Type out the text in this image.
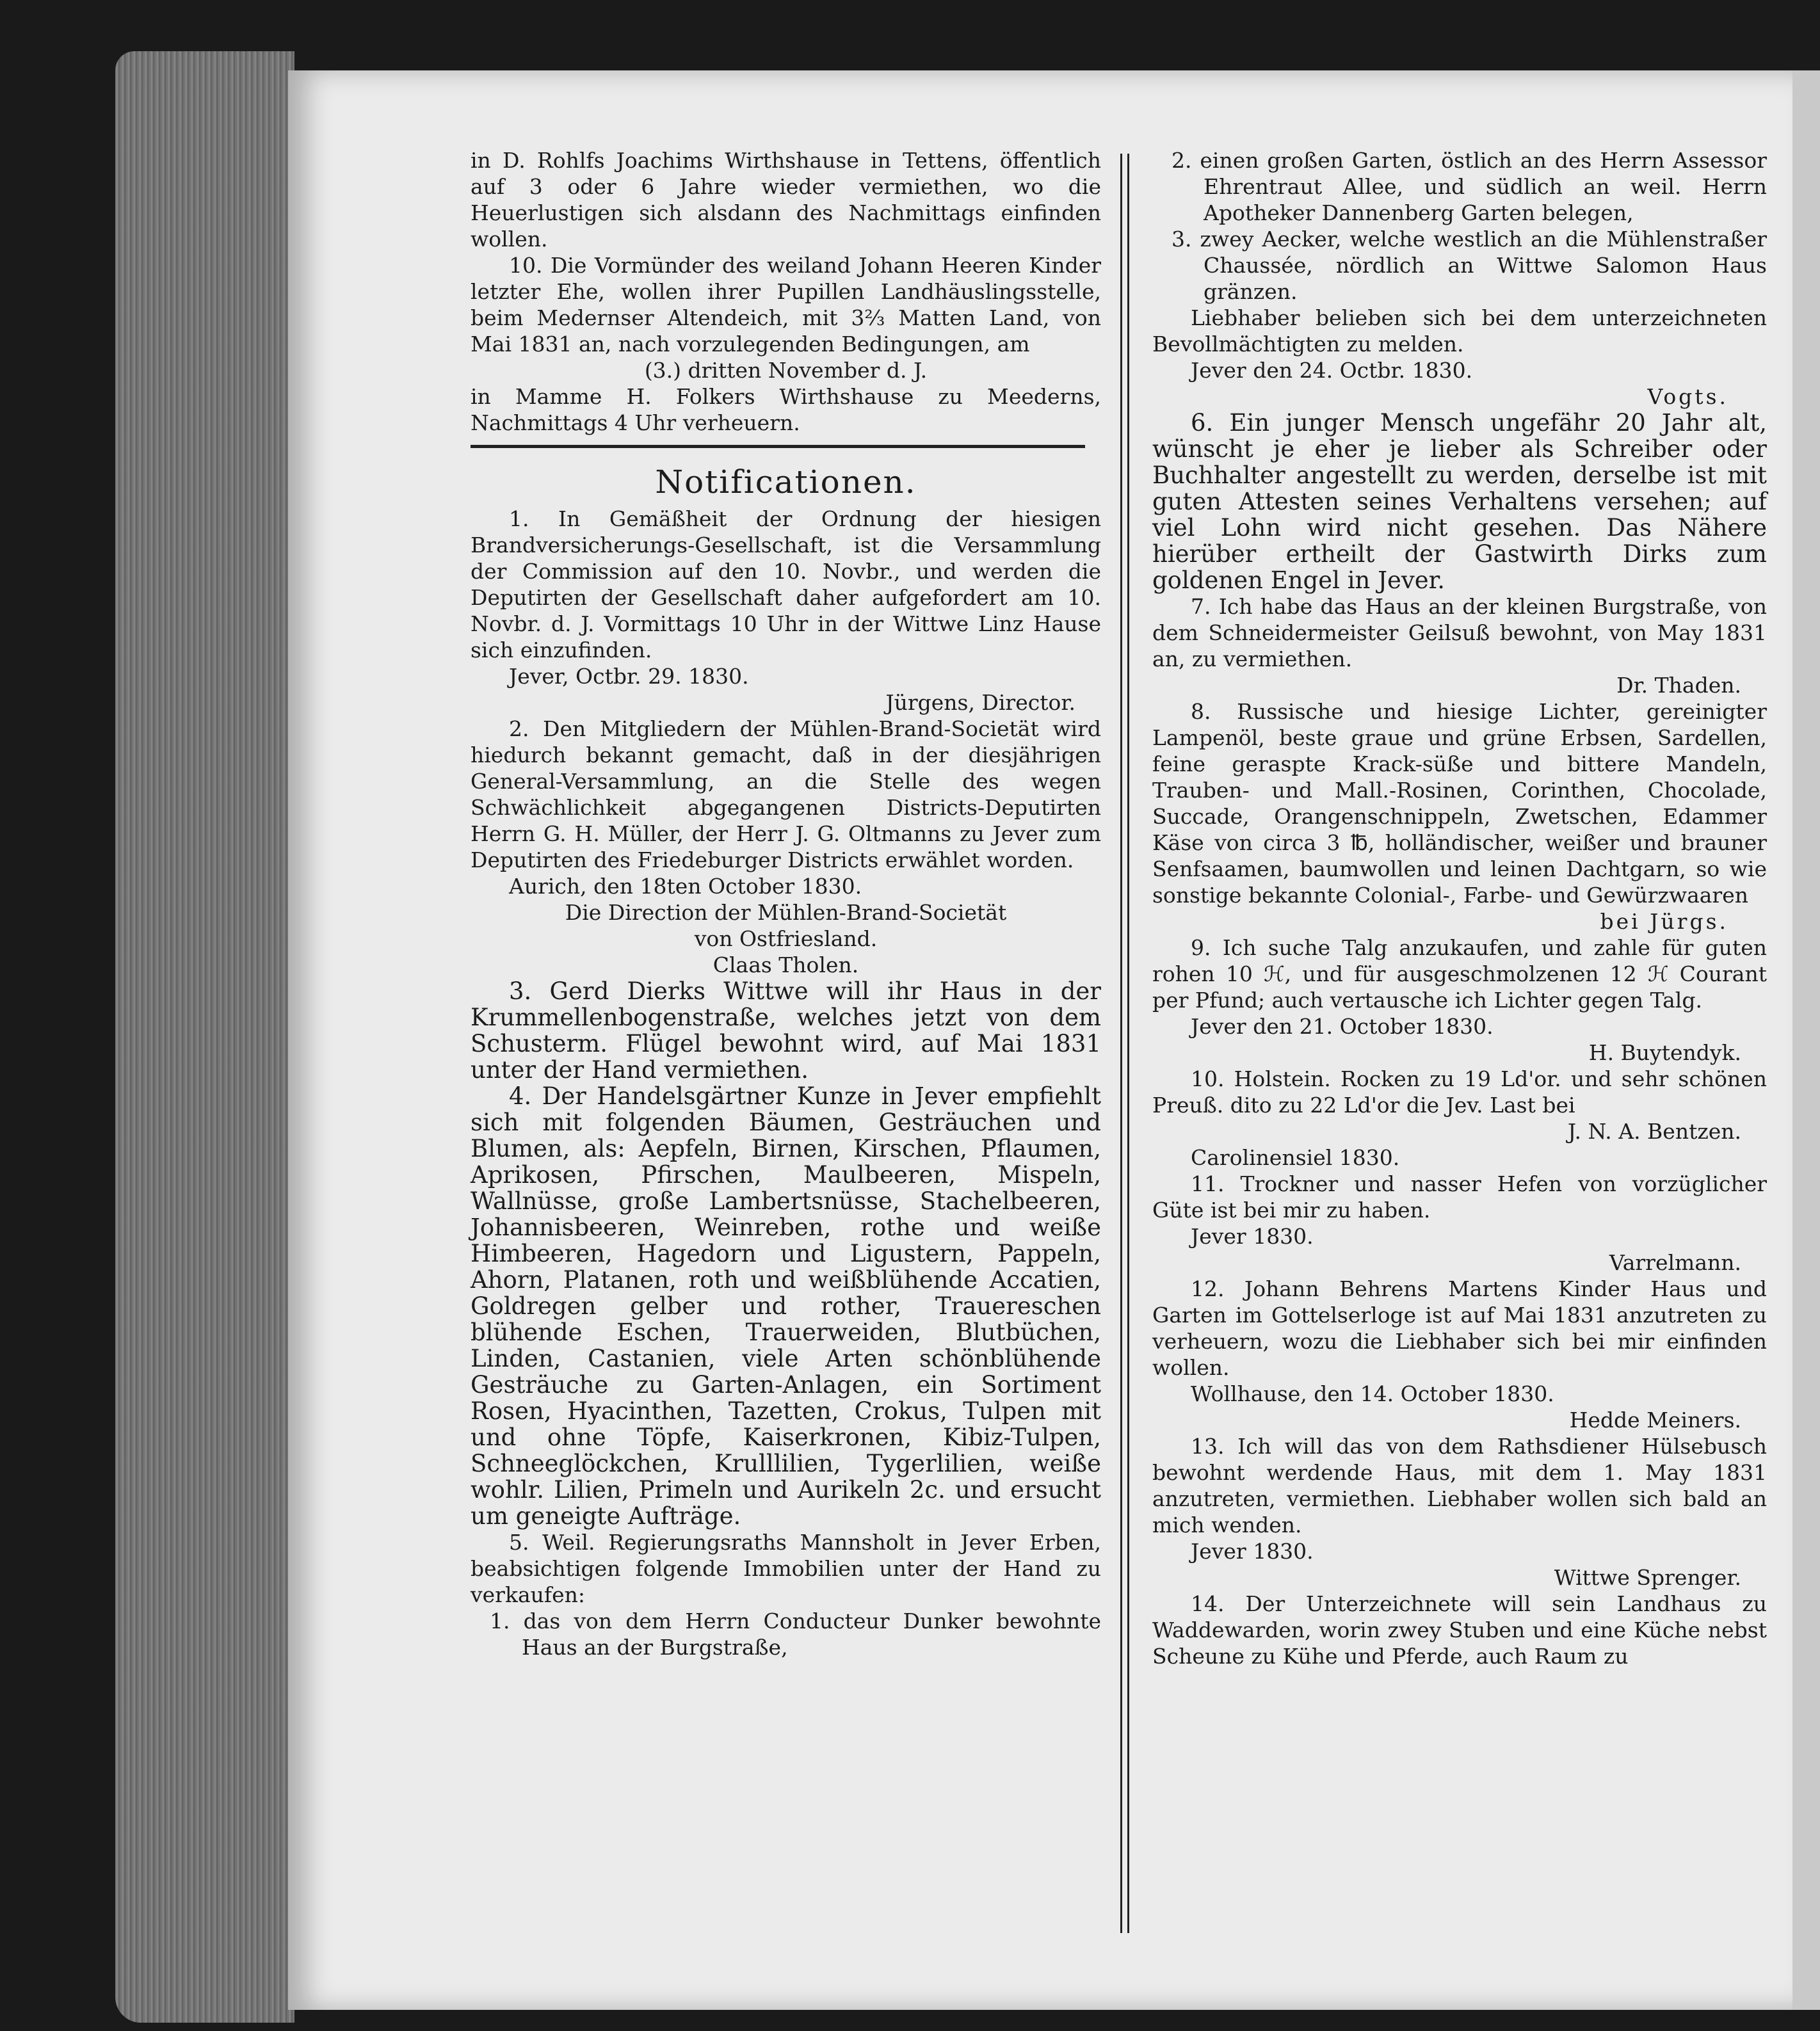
in D. Rohlfs Joachims Wirthshause in Tettens, öffentlich auf 3 oder 6 Jahre wieder vermiethen, wo die Heuerlustigen sich alsdann des Nachmittags einfinden wollen.

10. Die Vormünder des weiland Johann Heeren Kinder letzter Ehe, wollen ihrer Pupillen Landhäuslingsstelle, beim Medernser Altendeich, mit 3⅔ Matten Land, von Mai 1831 an, nach vorzulegenden Bedingungen, am

(3.) dritten November d. J.

in Mamme H. Folkers Wirthshause zu Meederns, Nachmittags 4 Uhr verheuern.

Notificationen.

1. In Gemäßheit der Ordnung der hiesigen Brandversicherungs-Gesellschaft, ist die Versammlung der Commission auf den 10. Novbr., und werden die Deputirten der Gesellschaft daher aufgefordert am 10. Novbr. d. J. Vormittags 10 Uhr in der Wittwe Linz Hause sich einzufinden.

Jever, Octbr. 29. 1830.

Jürgens, Director.

2. Den Mitgliedern der Mühlen-Brand-Societät wird hiedurch bekannt gemacht, daß in der diesjährigen General-Versammlung, an die Stelle des wegen Schwächlichkeit abgegangenen Districts-Deputirten Herrn G. H. Müller, der Herr J. G. Oltmanns zu Jever zum Deputirten des Friedeburger Districts erwählet worden.

Aurich, den 18ten October 1830.

Die Direction der Mühlen-Brand-Societät

von Ostfriesland.

Claas Tholen.

3. Gerd Dierks Wittwe will ihr Haus in der Krummellenbogenstraße, welches jetzt von dem Schusterm. Flügel bewohnt wird, auf Mai 1831 unter der Hand vermiethen.

4. Der Handelsgärtner Kunze in Jever empfiehlt sich mit folgenden Bäumen, Gesträuchen und Blumen, als: Aepfeln, Birnen, Kirschen, Pflaumen, Aprikosen, Pfirschen, Maulbeeren, Mispeln, Wallnüsse, große Lambertsnüsse, Stachelbeeren, Johannisbeeren, Weinreben, rothe und weiße Himbeeren, Hagedorn und Ligustern, Pappeln, Ahorn, Platanen, roth und weißblühende Accatien, Goldregen gelber und rother, Trauereschen blühende Eschen, Trauerweiden, Blutbüchen, Linden, Castanien, viele Arten schönblühende Gesträuche zu Garten-Anlagen, ein Sortiment Rosen, Hyacinthen, Tazetten, Crokus, Tulpen mit und ohne Töpfe, Kaiserkronen, Kibiz-Tulpen, Schneeglöckchen, Krulllilien, Tygerlilien, weiße wohlr. Lilien, Primeln und Aurikeln 2c. und ersucht um geneigte Aufträge.

5. Weil. Regierungsraths Mannsholt in Jever Erben, beabsichtigen folgende Immobilien unter der Hand zu verkaufen:

1. das von dem Herrn Conducteur Dunker bewohnte Haus an der Burgstraße,

2. einen großen Garten, östlich an des Herrn Assessor Ehrentraut Allee, und südlich an weil. Herrn Apotheker Dannenberg Garten belegen,

3. zwey Aecker, welche westlich an die Mühlenstraßer Chaussée, nördlich an Wittwe Salomon Haus gränzen.

Liebhaber belieben sich bei dem unterzeichneten Bevollmächtigten zu melden.

Jever den 24. Octbr. 1830.

Vogts.

6. Ein junger Mensch ungefähr 20 Jahr alt, wünscht je eher je lieber als Schreiber oder Buchhalter angestellt zu werden, derselbe ist mit guten Attesten seines Verhaltens versehen; auf viel Lohn wird nicht gesehen. Das Nähere hierüber ertheilt der Gastwirth Dirks zum goldenen Engel in Jever.

7. Ich habe das Haus an der kleinen Burgstraße, von dem Schneidermeister Geilsuß bewohnt, von May 1831 an, zu vermiethen.

Dr. Thaden.

8. Russische und hiesige Lichter, gereinigter Lampenöl, beste graue und grüne Erbsen, Sardellen, feine geraspte Krack-süße und bittere Mandeln, Trauben- und Mall.-Rosinen, Corinthen, Chocolade, Succade, Orangenschnippeln, Zwetschen, Edammer Käse von circa 3 ℔, holländischer, weißer und brauner Senfsaamen, baumwollen und leinen Dachtgarn, so wie sonstige bekannte Colonial-, Farbe- und Gewürzwaaren

bei Jürgs.

9. Ich suche Talg anzukaufen, und zahle für guten rohen 10 ℋ, und für ausgeschmolzenen 12 ℋ Courant per Pfund; auch vertausche ich Lichter gegen Talg.

Jever den 21. October 1830.

H. Buytendyk.

10. Holstein. Rocken zu 19 Ld'or. und sehr schönen Preuß. dito zu 22 Ld'or die Jev. Last bei

J. N. A. Bentzen.

Carolinensiel 1830.

11. Trockner und nasser Hefen von vorzüglicher Güte ist bei mir zu haben.

Jever 1830.

Varrelmann.

12. Johann Behrens Martens Kinder Haus und Garten im Gottelserloge ist auf Mai 1831 anzutreten zu verheuern, wozu die Liebhaber sich bei mir einfinden wollen.

Wollhause, den 14. October 1830.

Hedde Meiners.

13. Ich will das von dem Rathsdiener Hülsebusch bewohnt werdende Haus, mit dem 1. May 1831 anzutreten, vermiethen. Liebhaber wollen sich bald an mich wenden.

Jever 1830.

Wittwe Sprenger.

14. Der Unterzeichnete will sein Landhaus zu Waddewarden, worin zwey Stuben und eine Küche nebst Scheune zu Kühe und Pferde, auch Raum zu
